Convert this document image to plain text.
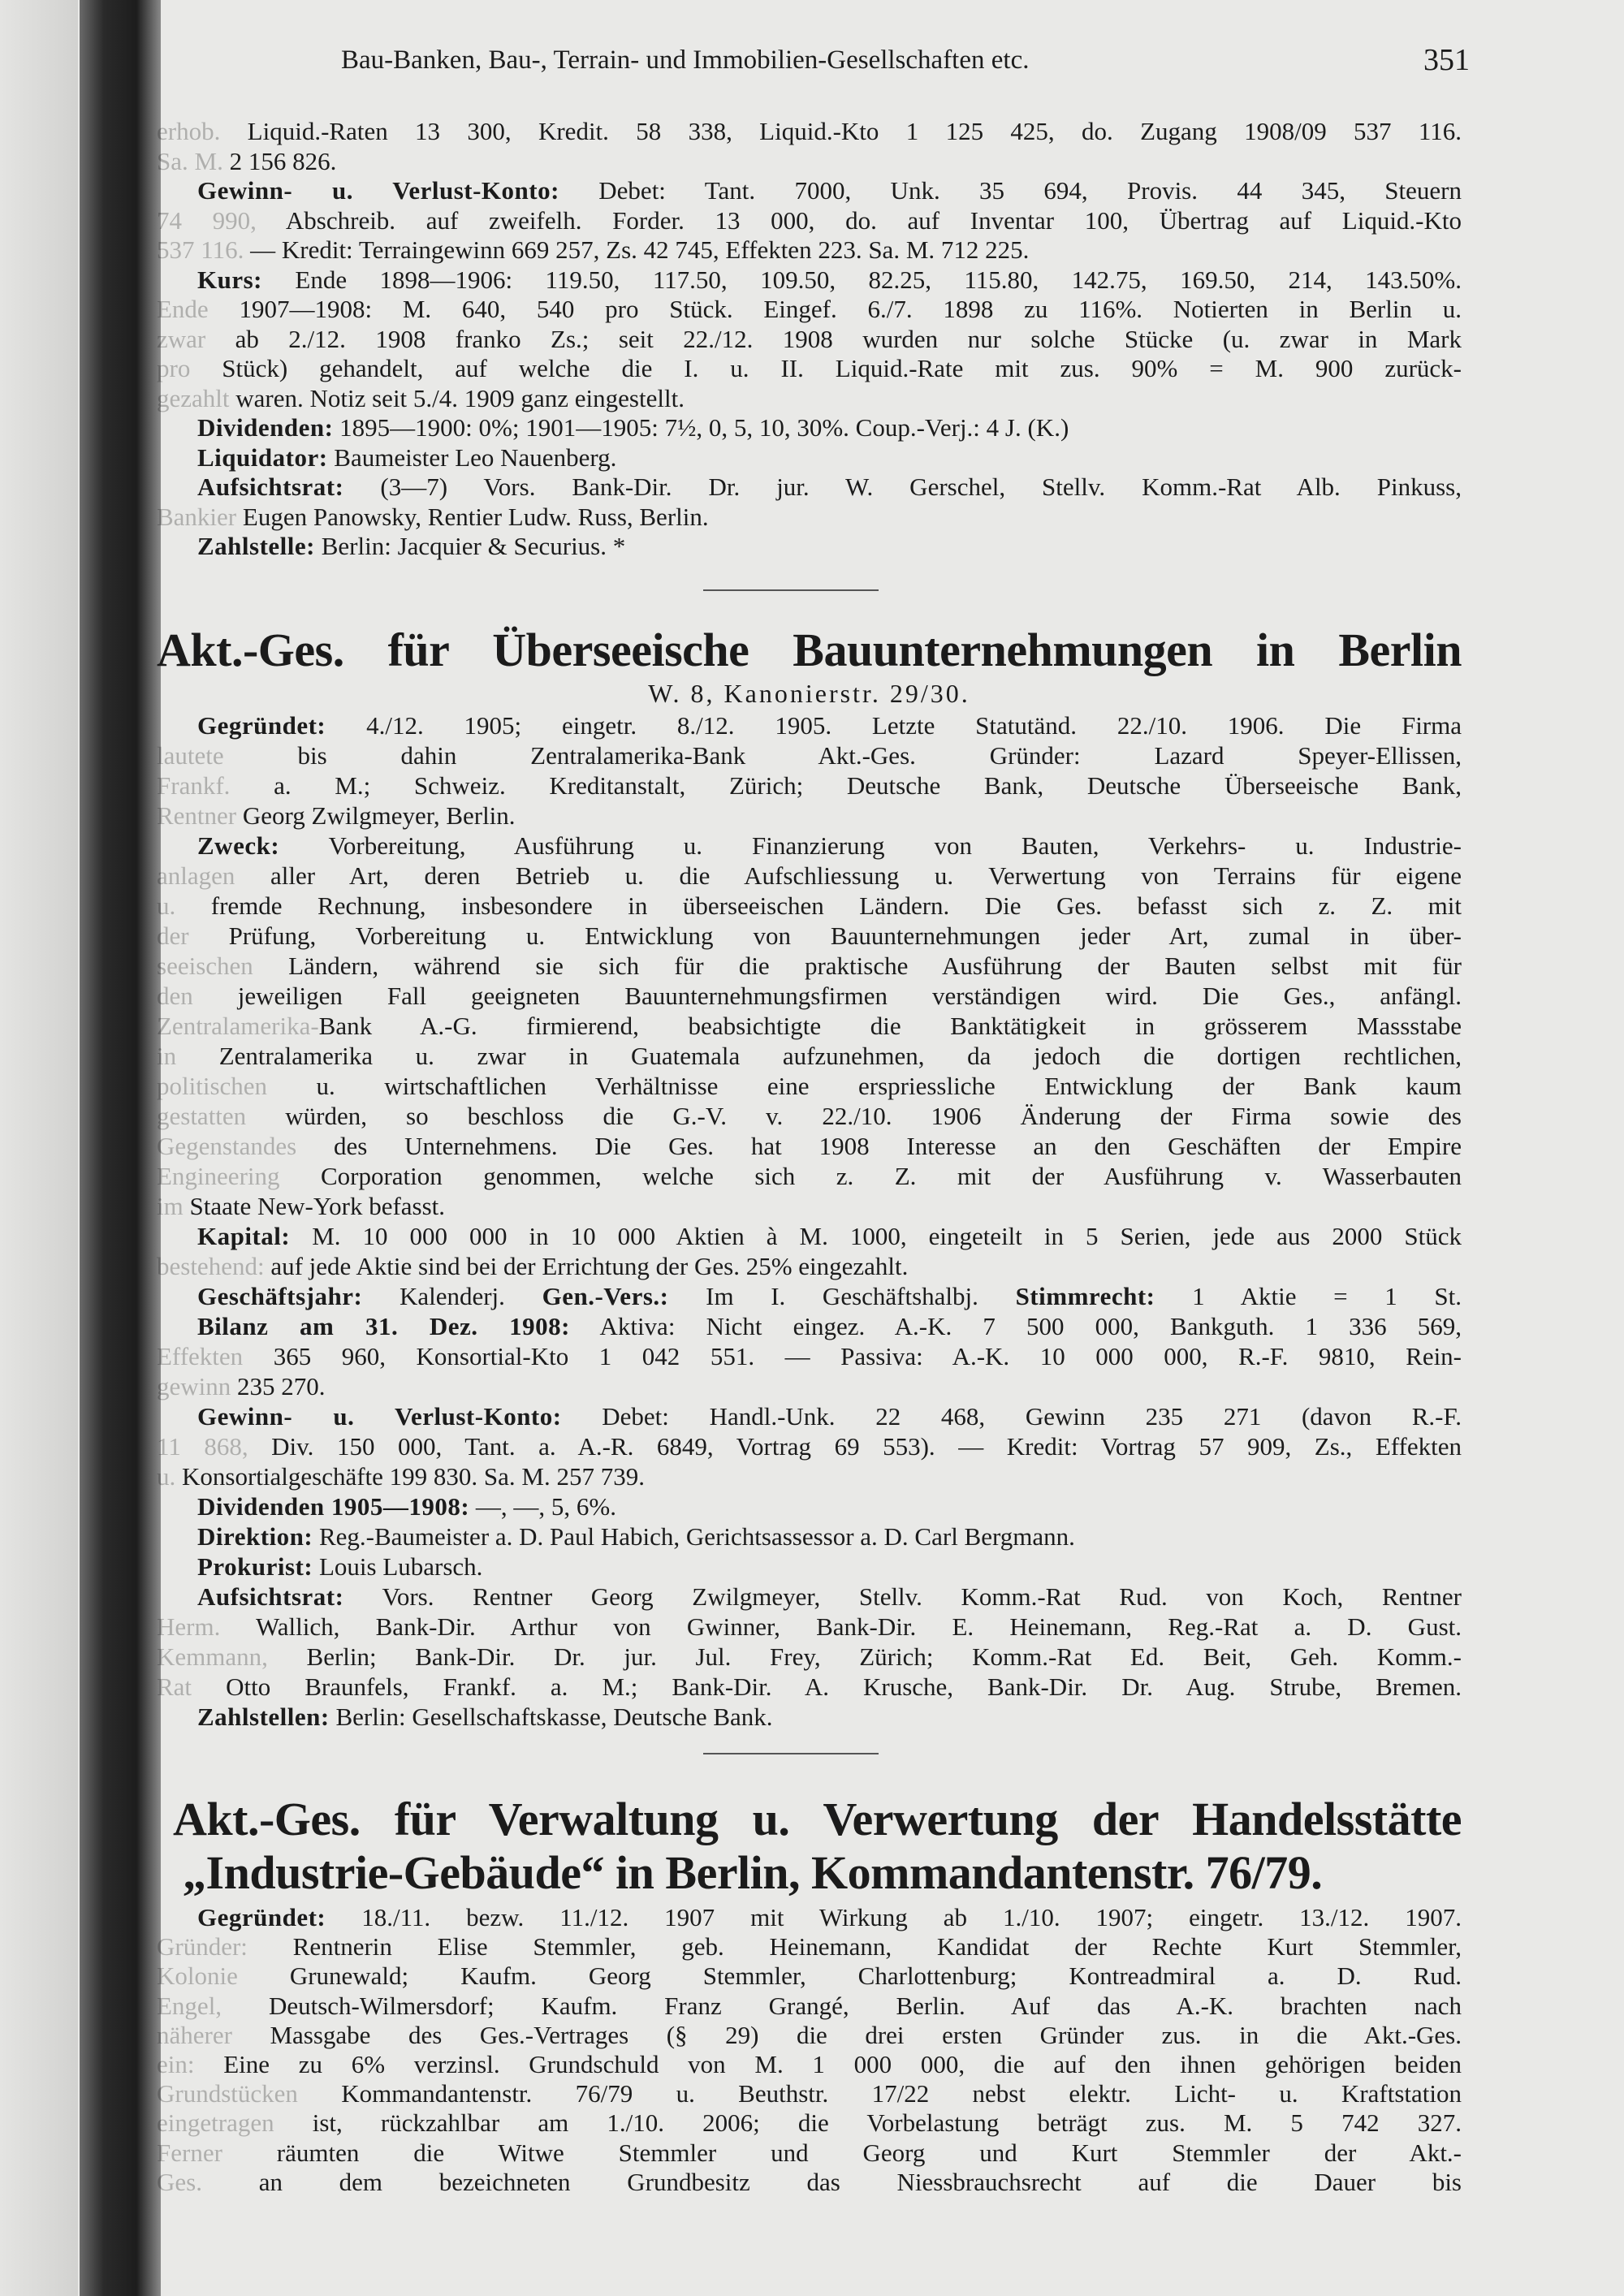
Bau-Banken, Bau-, Terrain- und Immobilien-Gesellschaften etc.	351
erhob. Liquid.-Raten 13 300, Kredit. 58 338, Liquid.-Kto 1 125 425, do. Zugang 1908/09 537 116.
Sa. M. 2 156 826.
Gewinn- u. Verlust-Konto: Debet: Tant. 7000, Unk. 35 694, Provis. 44 345, Steuern
74 990, Abschreib. auf zweifelh. Forder. 13 000, do. auf Inventar 100, Übertrag auf Liquid.-Kto
537 116. — Kredit: Terraingewinn 669 257, Zs. 42 745, Effekten 223. Sa. M. 712 225.
Kurs: Ende 1898—1906: 119.50, 117.50, 109.50, 82.25, 115.80, 142.75, 169.50, 214, 143.50%.
Ende 1907—1908: M. 640, 540 pro Stück. Eingef. 6./7. 1898 zu 116%. Notierten in Berlin u.
zwar ab 2./12. 1908 franko Zs.; seit 22./12. 1908 wurden nur solche Stücke (u. zwar in Mark
pro Stück) gehandelt, auf welche die I. u. II. Liquid.-Rate mit zus. 90% = M. 900 zurück-
gezahlt waren. Notiz seit 5./4. 1909 ganz eingestellt.
Dividenden: 1895—1900: 0%; 1901—1905: 7½, 0, 5, 10, 30%. Coup.-Verj.: 4 J. (K.)
Liquidator: Baumeister Leo Nauenberg.
Aufsichtsrat: (3—7) Vors. Bank-Dir. Dr. jur. W. Gerschel, Stellv. Komm.-Rat Alb. Pinkuss,
Bankier Eugen Panowsky, Rentier Ludw. Russ, Berlin.
Zahlstelle: Berlin: Jacquier & Securius. *
Akt.-Ges. für Überseeische Bauunternehmungen in Berlin
W. 8, Kanonierstr. 29/30.
Gegründet: 4./12. 1905; eingetr. 8./12. 1905. Letzte Statutänd. 22./10. 1906. Die Firma
lautete bis dahin Zentralamerika-Bank Akt.-Ges. Gründer: Lazard Speyer-Ellissen,
Frankf. a. M.; Schweiz. Kreditanstalt, Zürich; Deutsche Bank, Deutsche Überseeische Bank,
Rentner Georg Zwilgmeyer, Berlin.
Zweck: Vorbereitung, Ausführung u. Finanzierung von Bauten, Verkehrs- u. Industrie-
anlagen aller Art, deren Betrieb u. die Aufschliessung u. Verwertung von Terrains für eigene
u. fremde Rechnung, insbesondere in überseeischen Ländern. Die Ges. befasst sich z. Z. mit
der Prüfung, Vorbereitung u. Entwicklung von Bauunternehmungen jeder Art, zumal in über-
seeischen Ländern, während sie sich für die praktische Ausführung der Bauten selbst mit für
den jeweiligen Fall geeigneten Bauunternehmungsfirmen verständigen wird. Die Ges., anfängl.
Zentralamerika-Bank A.-G. firmierend, beabsichtigte die Banktätigkeit in grösserem Massstabe
in Zentralamerika u. zwar in Guatemala aufzunehmen, da jedoch die dortigen rechtlichen,
politischen u. wirtschaftlichen Verhältnisse eine erspriessliche Entwicklung der Bank kaum
gestatten würden, so beschloss die G.-V. v. 22./10. 1906 Änderung der Firma sowie des
Gegenstandes des Unternehmens. Die Ges. hat 1908 Interesse an den Geschäften der Empire
Engineering Corporation genommen, welche sich z. Z. mit der Ausführung v. Wasserbauten
im Staate New-York befasst.
Kapital: M. 10 000 000 in 10 000 Aktien à M. 1000, eingeteilt in 5 Serien, jede aus 2000 Stück
bestehend: auf jede Aktie sind bei der Errichtung der Ges. 25% eingezahlt.
Geschäftsjahr: Kalenderj. Gen.-Vers.: Im I. Geschäftshalbj. Stimmrecht: 1 Aktie = 1 St.
Bilanz am 31. Dez. 1908: Aktiva: Nicht eingez. A.-K. 7 500 000, Bankguth. 1 336 569,
Effekten 365 960, Konsortial-Kto 1 042 551. — Passiva: A.-K. 10 000 000, R.-F. 9810, Rein-
gewinn 235 270.
Gewinn- u. Verlust-Konto: Debet: Handl.-Unk. 22 468, Gewinn 235 271 (davon R.-F.
11 868, Div. 150 000, Tant. a. A.-R. 6849, Vortrag 69 553). — Kredit: Vortrag 57 909, Zs., Effekten
u. Konsortialgeschäfte 199 830. Sa. M. 257 739.
Dividenden 1905—1908: —, —, 5, 6%.
Direktion: Reg.-Baumeister a. D. Paul Habich, Gerichtsassessor a. D. Carl Bergmann.
Prokurist: Louis Lubarsch.
Aufsichtsrat: Vors. Rentner Georg Zwilgmeyer, Stellv. Komm.-Rat Rud. von Koch, Rentner
Herm. Wallich, Bank-Dir. Arthur von Gwinner, Bank-Dir. E. Heinemann, Reg.-Rat a. D. Gust.
Kemmann, Berlin; Bank-Dir. Dr. jur. Jul. Frey, Zürich; Komm.-Rat Ed. Beit, Geh. Komm.-
Rat Otto Braunfels, Frankf. a. M.; Bank-Dir. A. Krusche, Bank-Dir. Dr. Aug. Strube, Bremen.
Zahlstellen: Berlin: Gesellschaftskasse, Deutsche Bank.
Akt.-Ges. für Verwaltung u. Verwertung der Handelsstätte
„Industrie-Gebäude“ in Berlin, Kommandantenstr. 76/79.
Gegründet: 18./11. bezw. 11./12. 1907 mit Wirkung ab 1./10. 1907; eingetr. 13./12. 1907.
Gründer: Rentnerin Elise Stemmler, geb. Heinemann, Kandidat der Rechte Kurt Stemmler,
Kolonie Grunewald; Kaufm. Georg Stemmler, Charlottenburg; Kontreadmiral a. D. Rud.
Engel, Deutsch-Wilmersdorf; Kaufm. Franz Grangé, Berlin. Auf das A.-K. brachten nach
näherer Massgabe des Ges.-Vertrages (§ 29) die drei ersten Gründer zus. in die Akt.-Ges.
ein: Eine zu 6% verzinsl. Grundschuld von M. 1 000 000, die auf den ihnen gehörigen beiden
Grundstücken Kommandantenstr. 76/79 u. Beuthstr. 17/22 nebst elektr. Licht- u. Kraftstation
eingetragen ist, rückzahlbar am 1./10. 2006; die Vorbelastung beträgt zus. M. 5 742 327.
Ferner räumten die Witwe Stemmler und Georg und Kurt Stemmler der Akt.-
Ges. an dem bezeichneten Grundbesitz das Niessbrauchsrecht auf die Dauer bis
